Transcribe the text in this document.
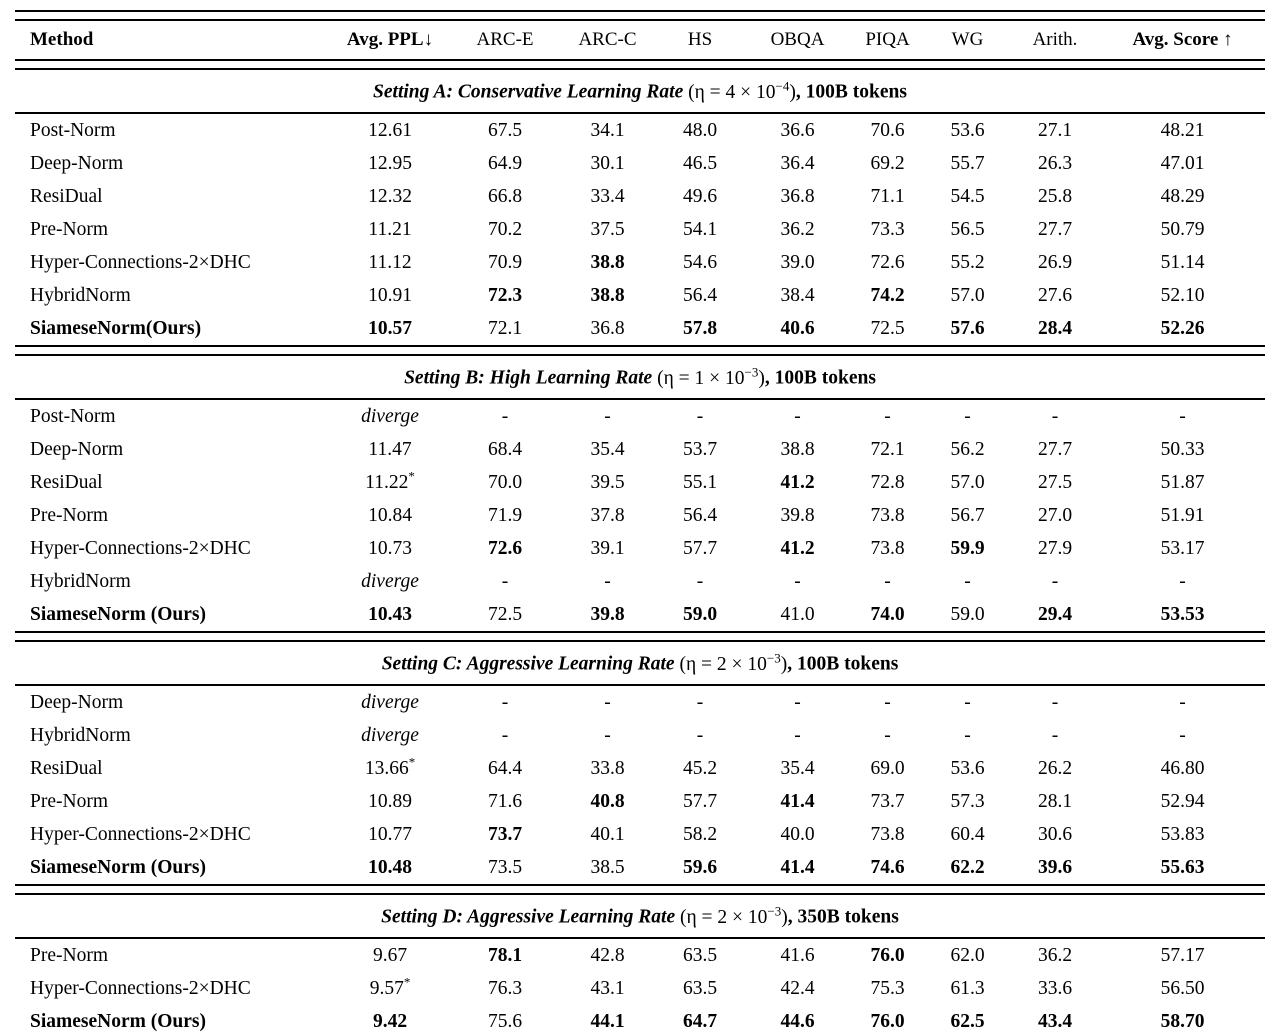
Method	Avg. PPL↓	ARC-E	ARC-C	HS	OBQA	PIQA	WG	Arith.	Avg. Score ↑

Setting A: Conservative Learning Rate $(\eta = 4 \times 10^{-4})$, 100B tokens									

Post-Norm	12.61	67.5	34.1	48.0	36.6	70.6	53.6	27.1	48.21
Deep-Norm	12.95	64.9	30.1	46.5	36.4	69.2	55.7	26.3	47.01
ResiDual	12.32	66.8	33.4	49.6	36.8	71.1	54.5	25.8	48.29
Pre-Norm	11.21	70.2	37.5	54.1	36.2	73.3	56.5	27.7	50.79
Hyper-Connections-2×DHC	11.12	70.9	38.8	54.6	39.0	72.6	55.2	26.9	51.14
HybridNorm	10.91	72.3	38.8	56.4	38.4	74.2	57.0	27.6	52.10
SiameseNorm(Ours)	10.57	72.1	36.8	57.8	40.6	72.5	57.6	28.4	52.26

Setting B: High Learning Rate $(\eta = 1 \times 10^{-3})$, 100B tokens									

Post-Norm	diverge	-	-	-	-	-	-	-	-
Deep-Norm	11.47	68.4	35.4	53.7	38.8	72.1	56.2	27.7	50.33
ResiDual	11.22*	70.0	39.5	55.1	41.2	72.8	57.0	27.5	51.87
Pre-Norm	10.84	71.9	37.8	56.4	39.8	73.8	56.7	27.0	51.91
Hyper-Connections-2×DHC	10.73	72.6	39.1	57.7	41.2	73.8	59.9	27.9	53.17
HybridNorm	diverge	-	-	-	-	-	-	-	-
SiameseNorm (Ours)	10.43	72.5	39.8	59.0	41.0	74.0	59.0	29.4	53.53

Setting C: Aggressive Learning Rate $(\eta = 2 \times 10^{-3})$, 100B tokens									

Deep-Norm	diverge	-	-	-	-	-	-	-	-
HybridNorm	diverge	-	-	-	-	-	-	-	-
ResiDual	13.66*	64.4	33.8	45.2	35.4	69.0	53.6	26.2	46.80
Pre-Norm	10.89	71.6	40.8	57.7	41.4	73.7	57.3	28.1	52.94
Hyper-Connections-2×DHC	10.77	73.7	40.1	58.2	40.0	73.8	60.4	30.6	53.83
SiameseNorm (Ours)	10.48	73.5	38.5	59.6	41.4	74.6	62.2	39.6	55.63

Setting D: Aggressive Learning Rate $(\eta = 2 \times 10^{-3})$, 350B tokens									

Pre-Norm	9.67	78.1	42.8	63.5	41.6	76.0	62.0	36.2	57.17
Hyper-Connections-2×DHC	9.57*	76.3	43.1	63.5	42.4	75.3	61.3	33.6	56.50
SiameseNorm (Ours)	9.42	75.6	44.1	64.7	44.6	76.0	62.5	43.4	58.70
